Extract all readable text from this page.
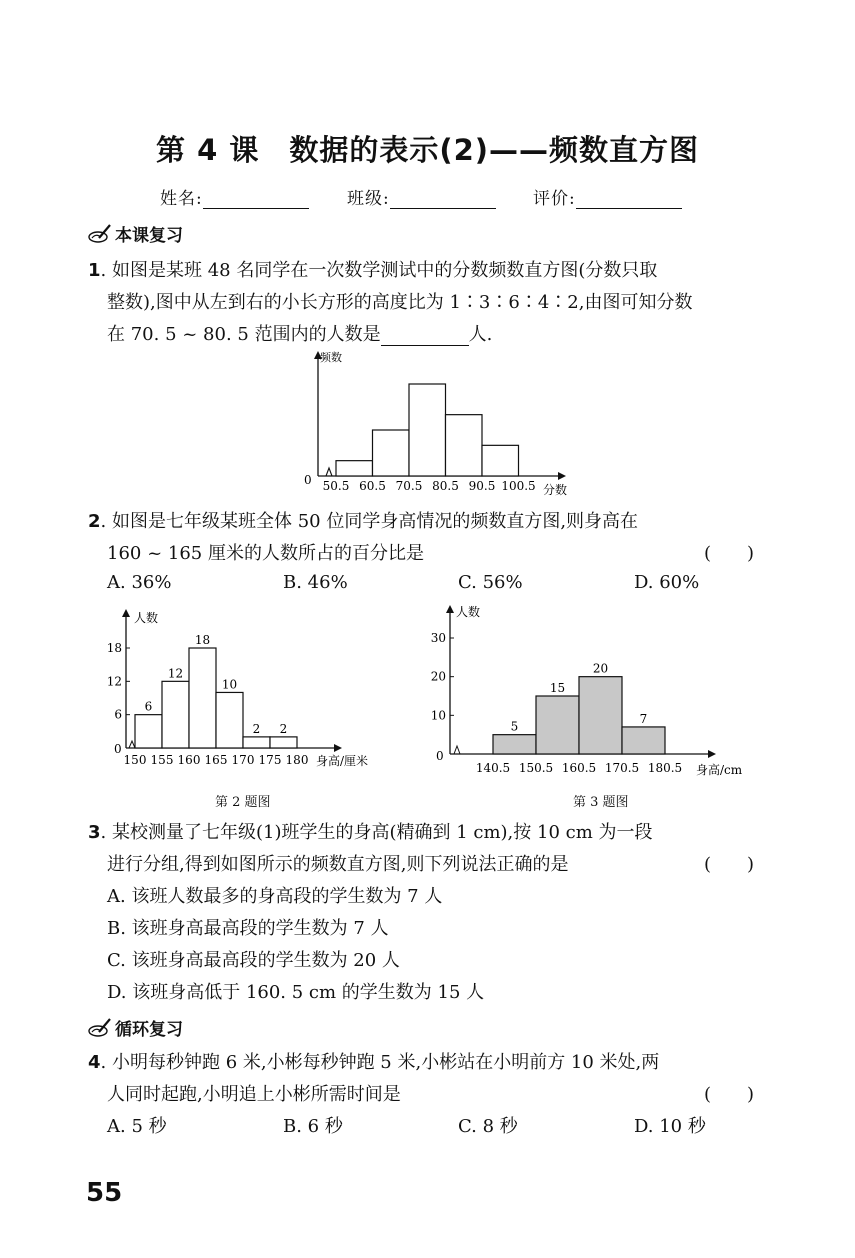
第 4 课　数据的表示(2)——频数直方图
姓名:	班级:	评价:
本课复习
1. 如图是某班 48 名同学在一次数学测试中的分数频数直方图(分数只取
整数),图中从左到右的小长方形的高度比为 1∶3∶6∶4∶2,由图可知分数
在 70. 5 ~ 80. 5 范围内的人数是	人.
频数
分数
0 50.5 60.5 70.5 80.5 90.5 100.5
2. 如图是七年级某班全体 50 位同学身高情况的频数直方图,则身高在
160 ~ 165 厘米的人数所占的百分比是	(　　)
A. 36%	B. 46%	C. 56%	D. 60%
人数
身高/厘米
0
6
12
18
6
12
18
10
2 2
150 155 160 165 170 175 180
人数
身高/cm
0
10
20
30
5
15
20
7
140.5 150.5 160.5 170.5 180.5
第 2 题图	第 3 题图
3. 某校测量了七年级(1)班学生的身高(精确到 1 cm),按 10 cm 为一段
进行分组,得到如图所示的频数直方图,则下列说法正确的是	(　　)
A. 该班人数最多的身高段的学生数为 7 人
B. 该班身高最高段的学生数为 7 人
C. 该班身高最高段的学生数为 20 人
D. 该班身高低于 160. 5 cm 的学生数为 15 人
循环复习
4. 小明每秒钟跑 6 米,小彬每秒钟跑 5 米,小彬站在小明前方 10 米处,两
人同时起跑,小明追上小彬所需时间是	(　　)
A. 5 秒	B. 6 秒	C. 8 秒	D. 10 秒
55
